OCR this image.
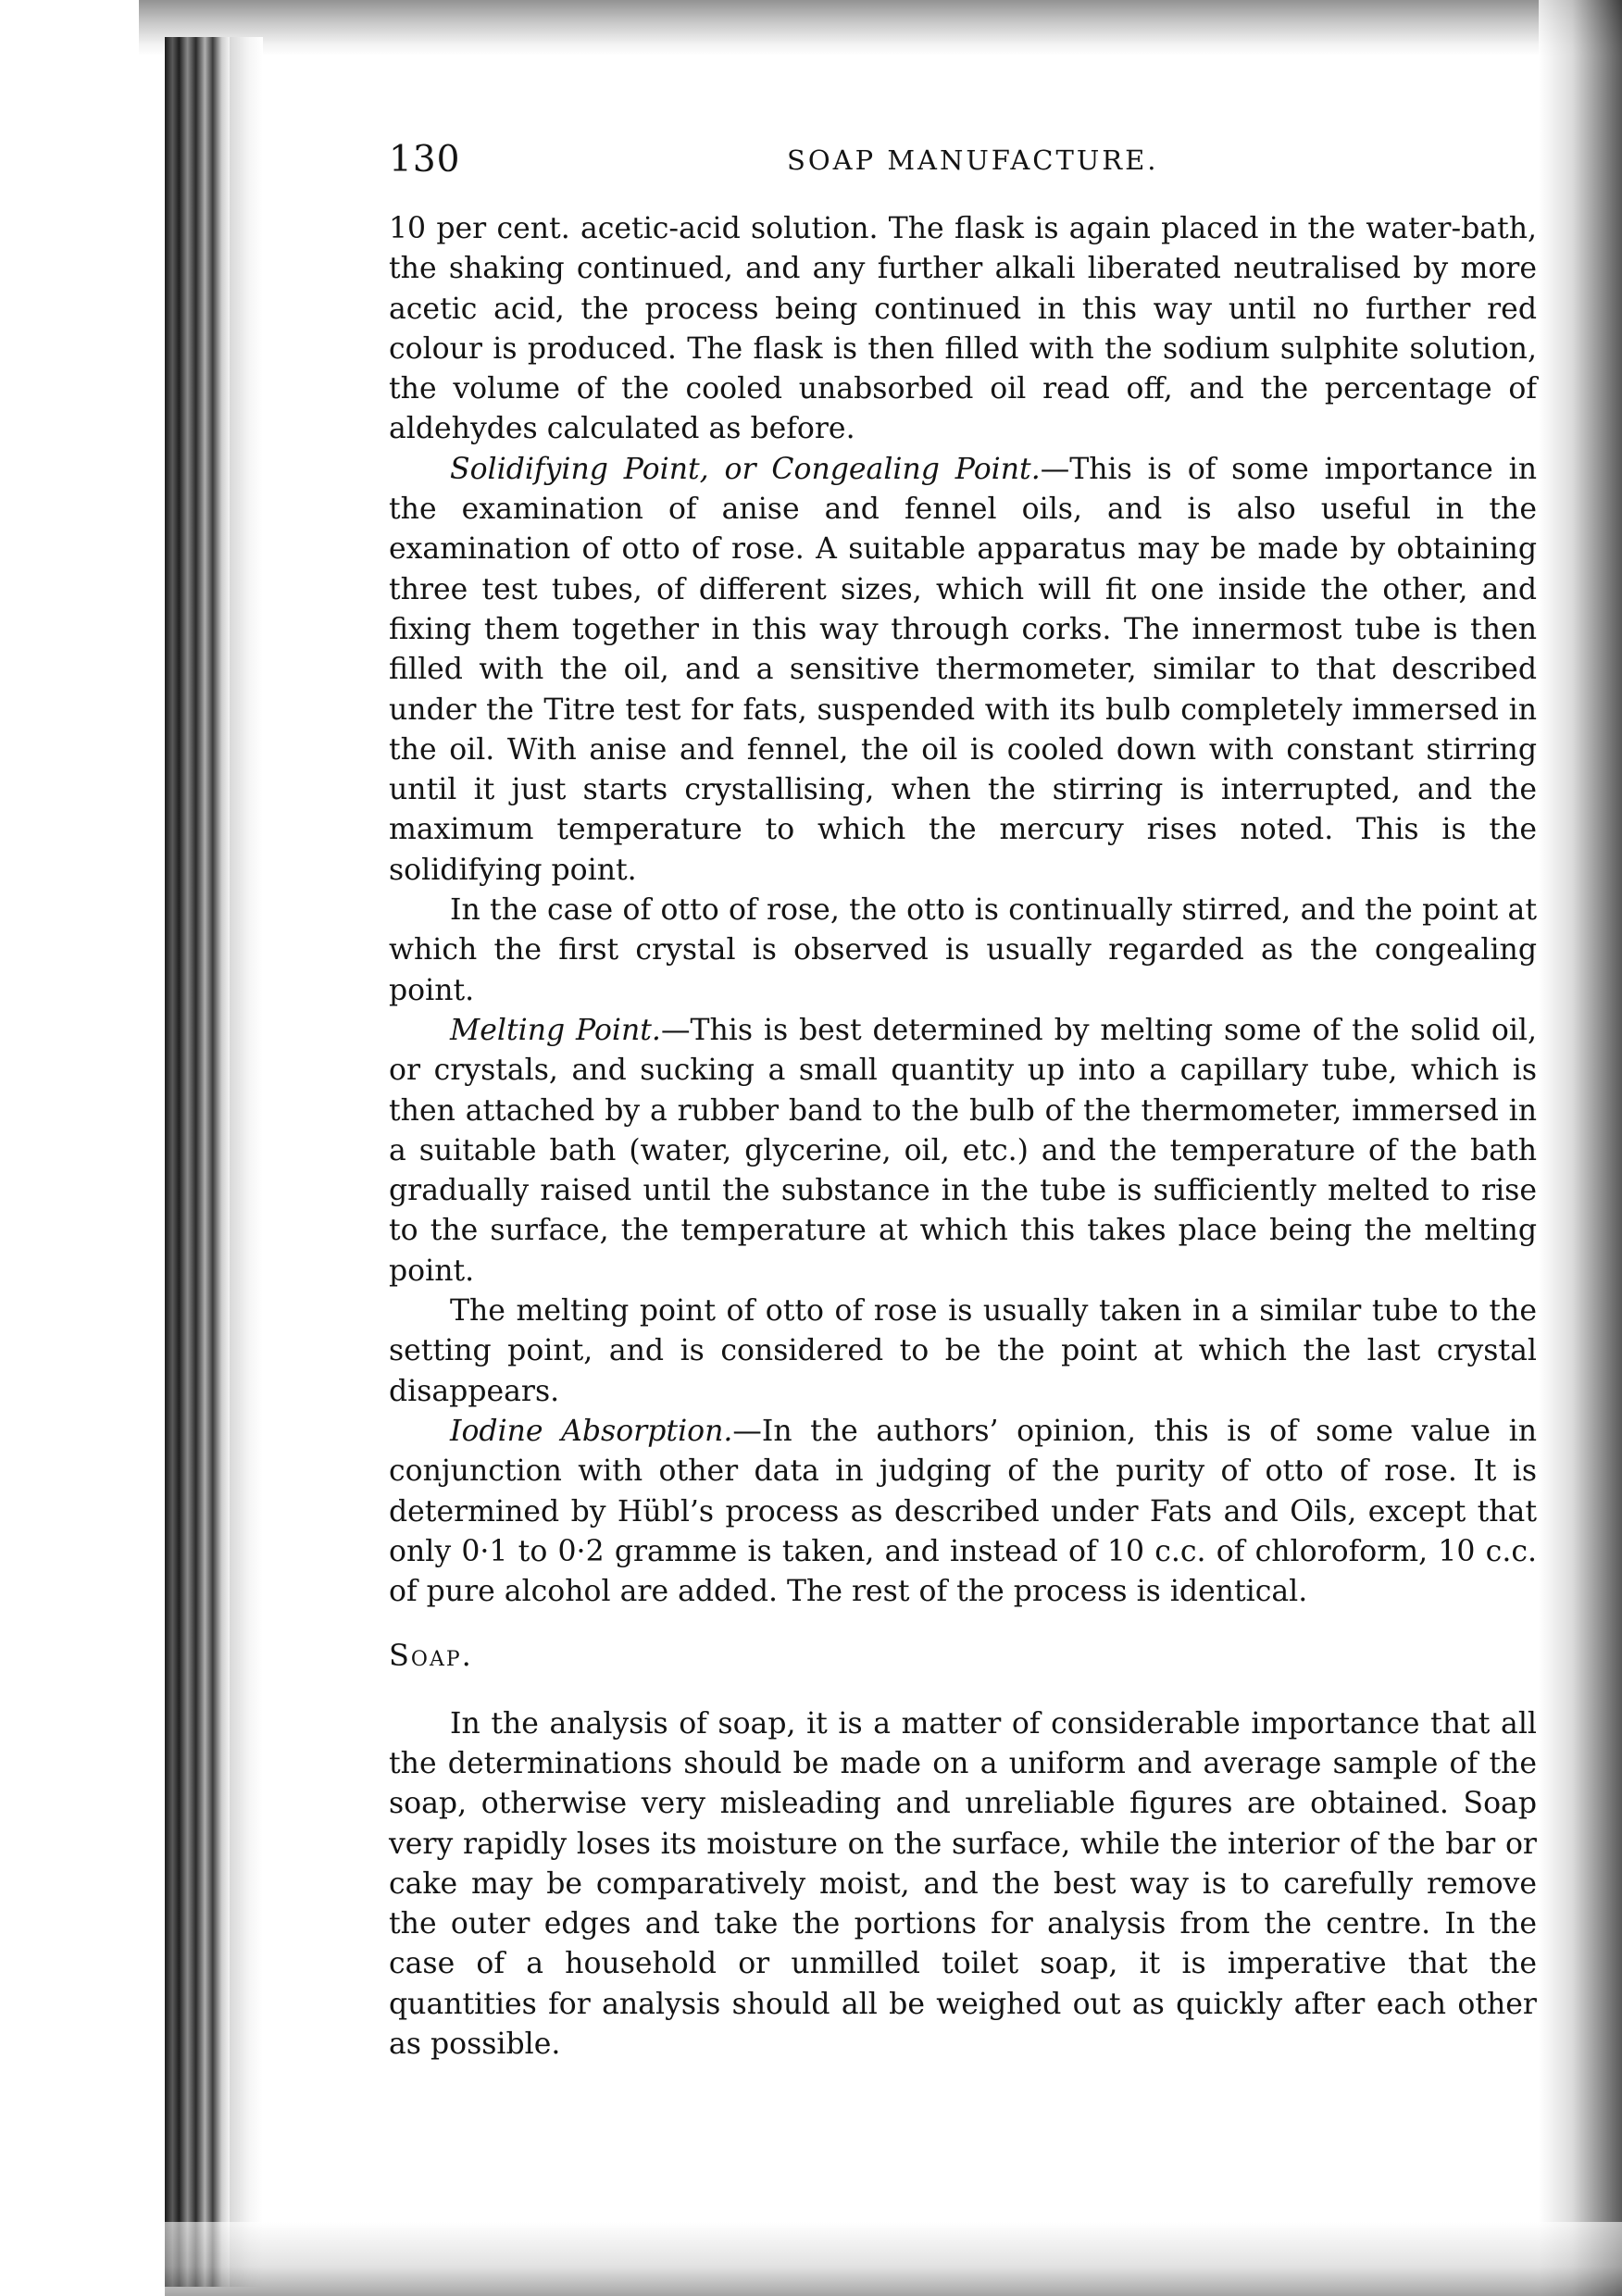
130	SOAP MANUFACTURE.

10 per cent. acetic-acid solution. The flask is again placed in the water-bath, the shaking continued, and any further alkali liberated neutralised by more acetic acid, the process being continued in this way until no further red colour is produced. The flask is then filled with the sodium sulphite solution, the volume of the cooled unabsorbed oil read off, and the percentage of aldehydes calculated as before.

Solidifying Point, or Congealing Point.—This is of some importance in the examination of anise and fennel oils, and is also useful in the examination of otto of rose. A suitable apparatus may be made by obtaining three test tubes, of different sizes, which will fit one inside the other, and fixing them together in this way through corks. The innermost tube is then filled with the oil, and a sensitive thermometer, similar to that described under the Titre test for fats, suspended with its bulb completely immersed in the oil. With anise and fennel, the oil is cooled down with constant stirring until it just starts crystallising, when the stirring is interrupted, and the maximum temperature to which the mercury rises noted. This is the solidifying point.

In the case of otto of rose, the otto is continually stirred, and the point at which the first crystal is observed is usually regarded as the congealing point.

Melting Point.—This is best determined by melting some of the solid oil, or crystals, and sucking a small quantity up into a capillary tube, which is then attached by a rubber band to the bulb of the thermometer, immersed in a suitable bath (water, glycerine, oil, etc.) and the temperature of the bath gradually raised until the substance in the tube is sufficiently melted to rise to the surface, the temperature at which this takes place being the melting point.

The melting point of otto of rose is usually taken in a similar tube to the setting point, and is considered to be the point at which the last crystal disappears.

Iodine Absorption.—In the authors’ opinion, this is of some value in conjunction with other data in judging of the purity of otto of rose. It is determined by Hübl’s process as described under Fats and Oils, except that only 0·1 to 0·2 gramme is taken, and instead of 10 c.c. of chloroform, 10 c.c. of pure alcohol are added. The rest of the process is identical.

Soap.

In the analysis of soap, it is a matter of considerable importance that all the determinations should be made on a uniform and average sample of the soap, otherwise very misleading and unreliable figures are obtained. Soap very rapidly loses its moisture on the surface, while the interior of the bar or cake may be comparatively moist, and the best way is to carefully remove the outer edges and take the portions for analysis from the centre. In the case of a household or unmilled toilet soap, it is imperative that the quantities for analysis should all be weighed out as quickly after each other as possible.
